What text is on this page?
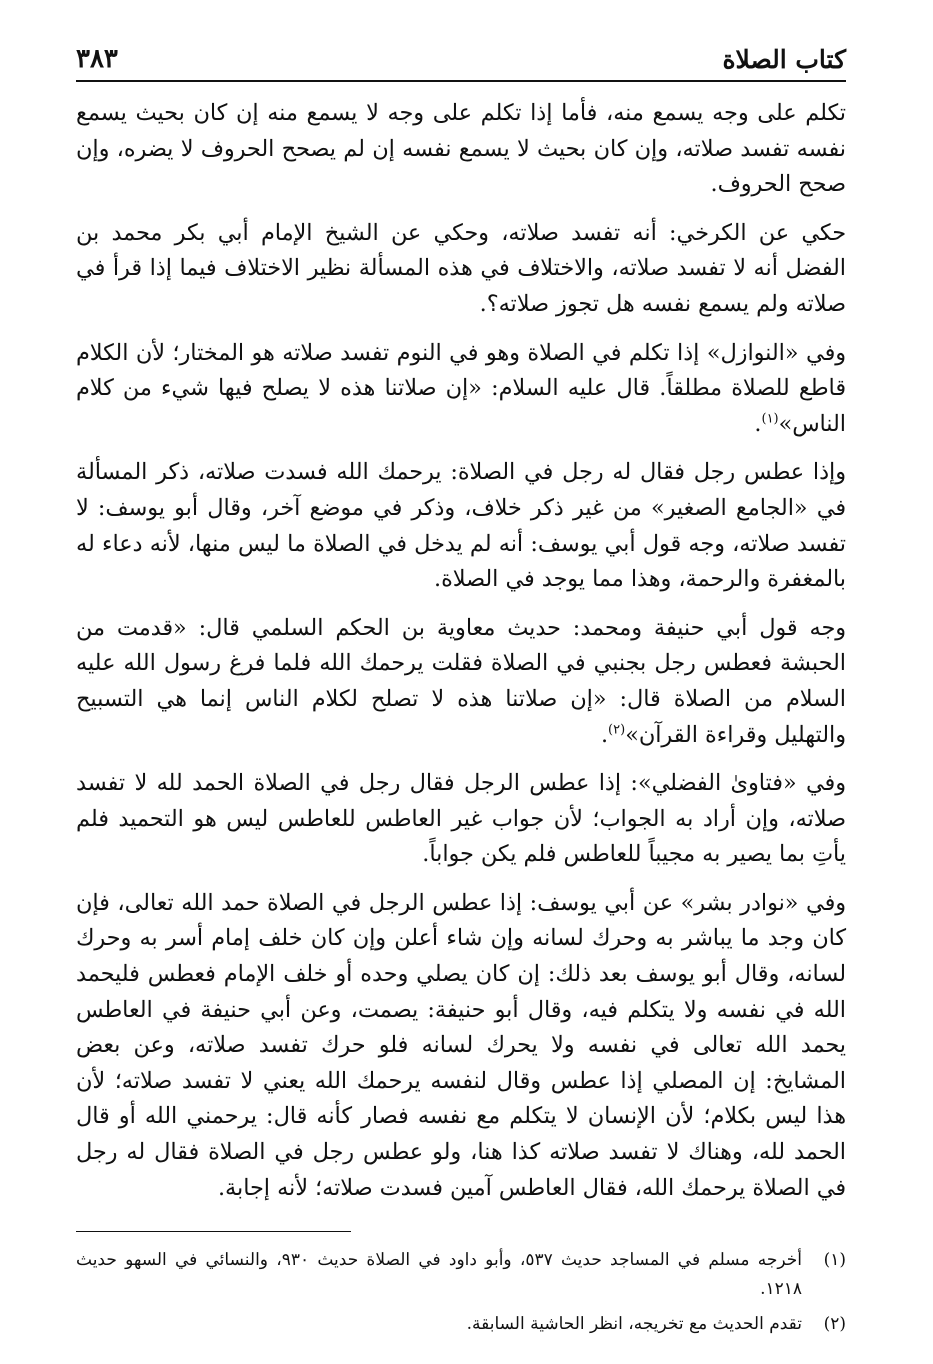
كتاب الصلاة
٣٨٣

تكلم على وجه يسمع منه، فأما إذا تكلم على وجه لا يسمع منه إن كان بحيث يسمع نفسه تفسد صلاته، وإن كان بحيث لا يسمع نفسه إن لم يصحح الحروف لا يضره، وإن صحح الحروف.

حكي عن الكرخي: أنه تفسد صلاته، وحكي عن الشيخ الإمام أبي بكر محمد بن الفضل أنه لا تفسد صلاته، والاختلاف في هذه المسألة نظير الاختلاف فيما إذا قرأ في صلاته ولم يسمع نفسه هل تجوز صلاته؟.

وفي «النوازل» إذا تكلم في الصلاة وهو في النوم تفسد صلاته هو المختار؛ لأن الكلام قاطع للصلاة مطلقاً. قال عليه السلام: «إن صلاتنا هذه لا يصلح فيها شيء من كلام الناس»$^{(١)}$.

وإذا عطس رجل فقال له رجل في الصلاة: يرحمك الله فسدت صلاته، ذكر المسألة في «الجامع الصغير» من غير ذكر خلاف، وذكر في موضع آخر، وقال أبو يوسف: لا تفسد صلاته، وجه قول أبي يوسف: أنه لم يدخل في الصلاة ما ليس منها، لأنه دعاء له بالمغفرة والرحمة، وهذا مما يوجد في الصلاة.

وجه قول أبي حنيفة ومحمد: حديث معاوية بن الحكم السلمي قال: «قدمت من الحبشة فعطس رجل بجنبي في الصلاة فقلت يرحمك الله فلما فرغ رسول الله عليه السلام من الصلاة قال: «إن صلاتنا هذه لا تصلح لكلام الناس إنما هي التسبيح والتهليل وقراءة القرآن»$^{(٢)}$.

وفي «فتاوىٰ الفضلي»: إذا عطس الرجل فقال رجل في الصلاة الحمد لله لا تفسد صلاته، وإن أراد به الجواب؛ لأن جواب غير العاطس للعاطس ليس هو التحميد فلم يأتِ بما يصير به مجيباً للعاطس فلم يكن جواباً.

وفي «نوادر بشر» عن أبي يوسف: إذا عطس الرجل في الصلاة حمد الله تعالى، فإن كان وجد ما يباشر به وحرك لسانه وإن شاء أعلن وإن كان خلف إمام أسر به وحرك لسانه، وقال أبو يوسف بعد ذلك: إن كان يصلي وحده أو خلف الإمام فعطس فليحمد الله في نفسه ولا يتكلم فيه، وقال أبو حنيفة: يصمت، وعن أبي حنيفة في العاطس يحمد الله تعالى في نفسه ولا يحرك لسانه فلو حرك تفسد صلاته، وعن بعض المشايخ: إن المصلي إذا عطس وقال لنفسه يرحمك الله يعني لا تفسد صلاته؛ لأن هذا ليس بكلام؛ لأن الإنسان لا يتكلم مع نفسه فصار كأنه قال: يرحمني الله أو قال الحمد لله، وهناك لا تفسد صلاته كذا هنا، ولو عطس رجل في الصلاة فقال له رجل في الصلاة يرحمك الله، فقال العاطس آمين فسدت صلاته؛ لأنه إجابة.

(١)
أخرجه مسلم في المساجد حديث ٥٣٧، وأبو داود في الصلاة حديث ٩٣٠، والنسائي في السهو حديث ١٢١٨.
(٢)
تقدم الحديث مع تخريجه، انظر الحاشية السابقة.
